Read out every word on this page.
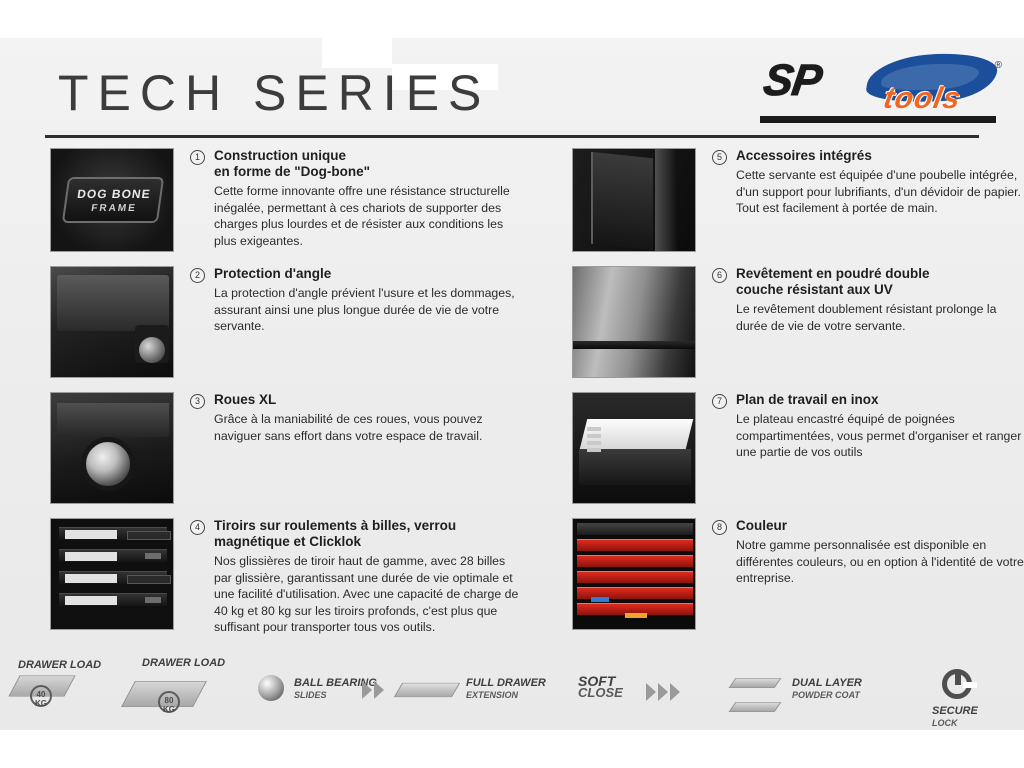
TECH SERIES	SP tools
®
DOG BONE
FRAME
1	Construction unique
en forme de "Dog-bone"

Cette forme innovante offre une résistance structurelle inégalée, permettant à ces chariots de supporter des charges plus lourdes et de résister aux conditions les plus exigeantes.

2	Protection d'angle

La protection d'angle prévient l'usure et les dommages, assurant ainsi une plus longue durée de vie de votre servante.

3	Roues XL

Grâce à la maniabilité de ces roues, vous pouvez naviguer sans effort dans votre espace de travail.

4	Tiroirs sur roulements à billes, verrou
magnétique et Clicklok

Nos glissières de tiroir haut de gamme, avec 28 billes par glissière, garantissant une durée de vie optimale et une facilité d'utilisation. Avec une capacité de charge de 40 kg et 80 kg sur les tiroirs profonds, c'est plus que suffisant pour transporter tous vos outils.

5	Accessoires intégrés

Cette servante est équipée d'une poubelle intégrée, d'un support pour lubrifiants, d'un dévidoir de papier. Tout est facilement à portée de main.

6	Revêtement en poudré double
couche résistant aux UV

Le revêtement doublement résistant prolonge la durée de vie de votre servante.

7	Plan de travail en inox

Le plateau encastré équipé de poignées compartimentées, vous permet d'organiser et ranger une partie de vos outils

8	Couleur

Notre gamme personnalisée est disponible en différentes couleurs, ou en option à l'identité de votre entreprise.

DRAWER LOAD
40 KG
DRAWER LOAD
80 KG
BALL BEARING
SLIDES
FULL DRAWER
EXTENSION
SOFT
CLOSE
DUAL LAYER
POWDER COAT
SECURE
LOCK
